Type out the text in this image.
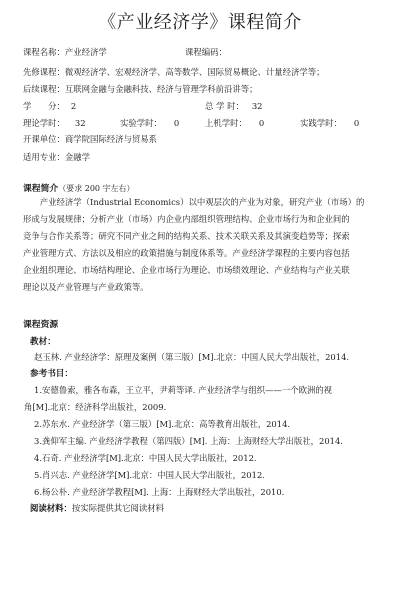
《产业经济学》课程简介
课程名称：产业经济学	课程编码：
先修课程：微观经济学、宏观经济学、高等数学、国际贸易概论、计量经济学等；
后续课程：互联网金融与金融科技、经济与管理学科前沿讲等；
学　　分： 2	总 学 时： 32
理论学时： 32	实验学时： 0	上机学时： 0	实践学时： 0
开课单位：商学院国际经济与贸易系
适用专业：金融学
课程简介（要求 200 字左右）
产业经济学（Industrial Economics）以中观层次的产业为对象，研究产业（市场）的
形成与发展规律；分析产业（市场）内企业内部组织管理结构、企业市场行为和企业间的
竞争与合作关系等；研究不同产业之间的结构关系、技术关联关系及其演变趋势等；探索
产业管理方式、方法以及相应的政策措施与制度体系等。产业经济学课程的主要内容包括
企业组织理论、市场结构理论、企业市场行为理论、市场绩效理论、产业结构与产业关联
理论以及产业管理与产业政策等。
课程资源
教材：
赵玉林. 产业经济学：原理及案例（第三版）[M].北京：中国人民大学出版社，2014.
参考书目：
1.安德鲁索，雅各布森，王立平，尹莉等译. 产业经济学与组织——一个欧洲的视
角[M].北京：经济科学出版社，2009.
2.苏东水. 产业经济学（第三版）[M].北京：高等教育出版社，2014.
3.龚仰军主编. 产业经济学教程（第四版）[M]. 上海：上海财经大学出版社，2014.
4.石奇. 产业经济学[M].北京：中国人民大学出版社，2012.
5.肖兴志. 产业经济学[M].北京：中国人民大学出版社，2012.
6.杨公朴. 产业经济学教程[M]. 上海：上海财经大学出版社，2010.
阅读材料：按实际提供其它阅读材料
